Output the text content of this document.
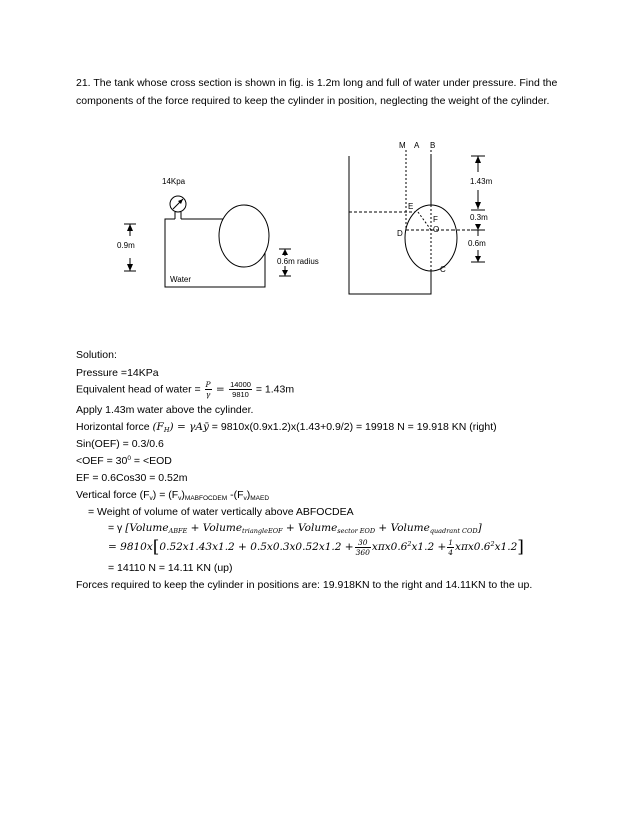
21. The tank whose cross section is shown in fig. is 1.2m long and full of water under pressure. Find the
components of the force required to keep the cylinder in position, neglecting the weight of the cylinder.
14Kpa
0.9m
0.6m radius
Water
M A B
E
F
O
D
C
1.43m
0.3m
0.6m
Solution:
Pressure =14KPa
Equivalent head of water = $\frac{P}{\gamma} = \frac{14000}{9810} = 1.43m$
Apply 1.43m water above the cylinder.
Horizontal force (FH) = γAȳ = 9810x(0.9x1.2)x(1.43+0.9/2) = 19918 N = 19.918 KN (right)
Sin(OEF) = 0.3/0.6
$<OEF = 30^0 = <EOD$
EF = 0.6Cos30 = 0.52m
Vertical force (Fv) = (Fv)MABFOCDEM -(Fv)MAED
= Weight of volume of water vertically above ABFOCDEA
= γ [VolumeABFE + VolumetriangleEOF + Volumesector EOD + Volumequadrant COD]
= $9810x[0.52x1.43x1.2 + 0.5x0.3x0.52x1.2 + \frac{30}{360} x\pi x0.6^2x1.2 + \frac{1}{4} x\pi x0.6^2x1.2]$
= 14110 N = 14.11 KN (up)
Forces required to keep the cylinder in positions are: 19.918KN to the right and 14.11KN to the up.
